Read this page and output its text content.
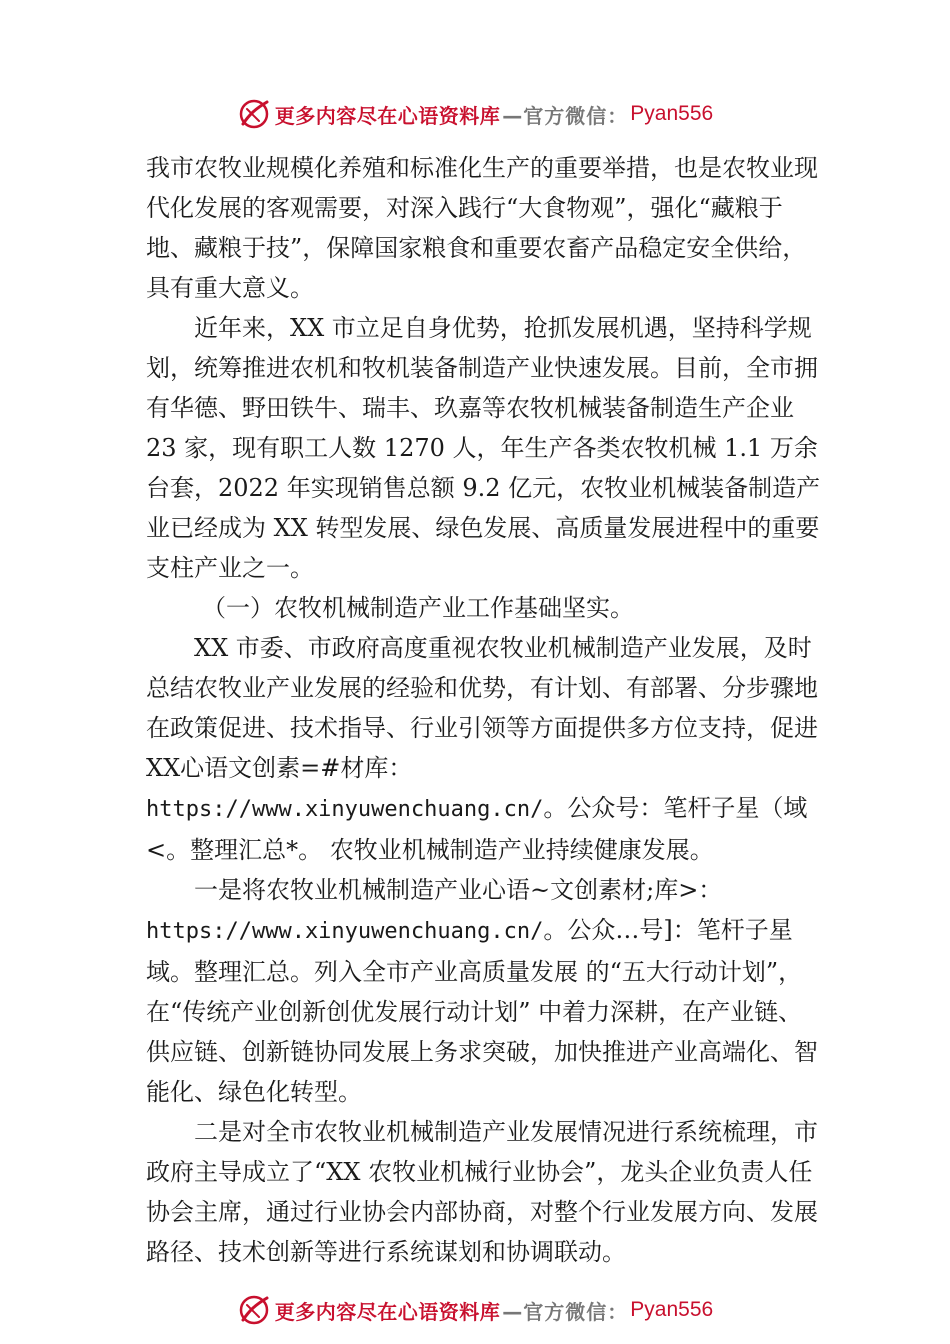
更多内容尽在心语资料库 —官方微信： Pyan556

我市农牧业规模化养殖和标准化生产的重要举措，也是农牧业现代化发展的客观需要，对深入践行“大食物观”，强化“藏粮于地、藏粮于技”，保障国家粮食和重要农畜产品稳定安全供给，具有重大意义。

近年来，XX 市立足自身优势，抢抓发展机遇，坚持科学规划，统筹推进农机和牧机装备制造产业快速发展。目前，全市拥有华德、野田铁牛、瑞丰、玖嘉等农牧机械装备制造生产企业 23 家，现有职工人数 1270 人，年生产各类农牧机械 1.1 万余台套，2022 年实现销售总额 9.2 亿元，农牧业机械装备制造产业已经成为 XX 转型发展、绿色发展、高质量发展进程中的重要支柱产业之一。

（一）农牧机械制造产业工作基础坚实。

XX 市委、市政府高度重视农牧业机械制造产业发展，及时总结农牧业产业发展的经验和优势，有计划、有部署、分步骤地在政策促进、技术指导、行业引领等方面提供多方位支持，促进 XX心语文创素=#材库：

https://www.xinyuwenchuang.cn/。公众号：笔杆子星（域<。整理汇总*。 农牧业机械制造产业持续健康发展。

一是将农牧业机械制造产业心语~文创素材;库>：

https://www.xinyuwenchuang.cn/。公众…号]：笔杆子星域。整理汇总。列入全市产业高质量发展 的“五大行动计划”，在“传统产业创新创优发展行动计划” 中着力深耕，在产业链、供应链、创新链协同发展上务求突破，加快推进产业高端化、智能化、绿色化转型。

二是对全市农牧业机械制造产业发展情况进行系统梳理，市政府主导成立了“XX 农牧业机械行业协会”，龙头企业负责人任协会主席，通过行业协会内部协商，对整个行业发展方向、发展路径、技术创新等进行系统谋划和协调联动。

更多内容尽在心语资料库 —官方微信： Pyan556
